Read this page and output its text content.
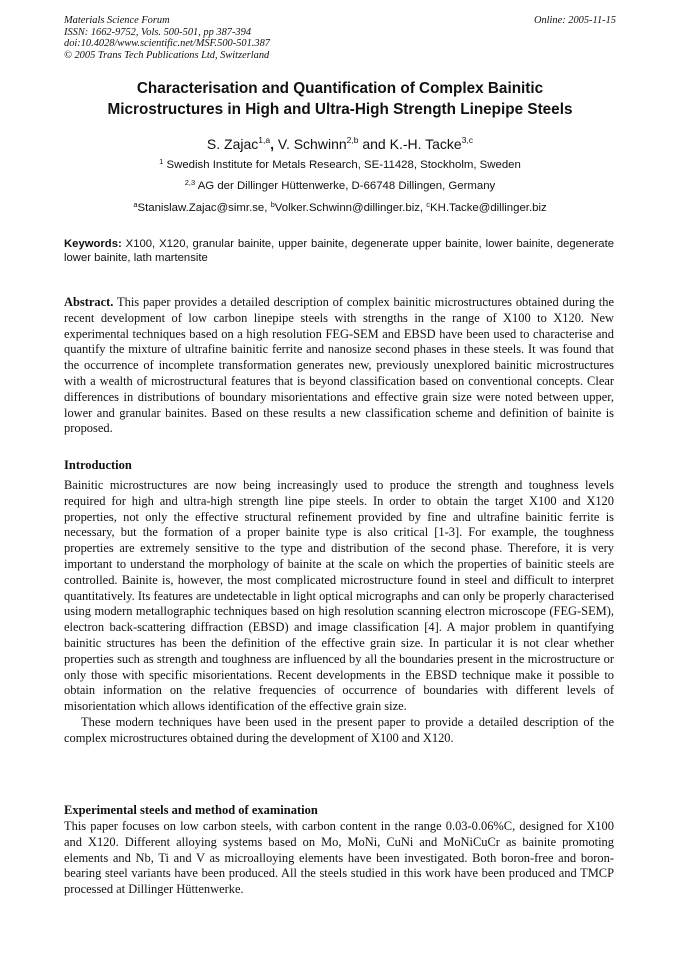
Materials Science Forum
ISSN: 1662-9752, Vols. 500-501, pp 387-394
doi:10.4028/www.scientific.net/MSF.500-501.387
© 2005 Trans Tech Publications Ltd, Switzerland
Online: 2005-11-15
Characterisation and Quantification of Complex Bainitic
Microstructures in High and Ultra-High Strength Linepipe Steels
S. Zajac$^{1,a}$, V. Schwinn$^{2,b}$ and K.-H. Tacke$^{3,c}$
$^1$ Swedish Institute for Metals Research, SE-11428, Stockholm, Sweden
$^{2,3}$ AG der Dillinger Hüttenwerke, D-66748 Dillingen, Germany
$^a$Stanislaw.Zajac@simr.se, $^b$Volker.Schwinn@dillinger.biz, $^c$KH.Tacke@dillinger.biz
Keywords: X100, X120, granular bainite, upper bainite, degenerate upper bainite, lower bainite, degenerate lower bainite, lath martensite

Abstract. This paper provides a detailed description of complex bainitic microstructures obtained during the recent development of low carbon linepipe steels with strengths in the range of X100 to X120. New experimental techniques based on a high resolution FEG-SEM and EBSD have been used to characterise and quantify the mixture of ultrafine bainitic ferrite and nanosize second phases in these steels. It was found that the occurrence of incomplete transformation generates new, previously unexplored bainitic microstructures with a wealth of microstructural features that is beyond classification based on conventional concepts. Clear differences in distributions of boundary misorientations and effective grain size were noted between upper, lower and granular bainites. Based on these results a new classification scheme and definition of bainite is proposed.

Introduction

Bainitic microstructures are now being increasingly used to produce the strength and toughness levels required for high and ultra-high strength line pipe steels. In order to obtain the target X100 and X120 properties, not only the effective structural refinement provided by fine and ultrafine bainitic ferrite is necessary, but the formation of a proper bainite type is also critical [1-3]. For example, the toughness properties are extremely sensitive to the type and distribution of the second phase. Therefore, it is very important to understand the morphology of bainite at the scale on which the properties of bainitic steels are controlled. Bainite is, however, the most complicated microstructure found in steel and difficult to interpret quantitatively. Its features are undetectable in light optical micrographs and can only be properly characterised using modern metallographic techniques based on high resolution scanning electron microscope (FEG-SEM), electron back-scattering diffraction (EBSD) and image classification [4]. A major problem in quantifying bainitic structures has been the definition of the effective grain size. In particular it is not clear whether properties such as strength and toughness are influenced by all the boundaries present in the microstructure or only those with specific misorientations. Recent developments in the EBSD technique make it possible to obtain information on the relative frequencies of occurrence of boundaries with different levels of misorientation which allows identification of the effective grain size.

These modern techniques have been used in the present paper to provide a detailed description of the complex microstructures obtained during the development of X100 and X120.

Experimental steels and method of examination

This paper focuses on low carbon steels, with carbon content in the range 0.03-0.06%C, designed for X100 and X120. Different alloying systems based on Mo, MoNi, CuNi and MoNiCuCr as bainite promoting elements and Nb, Ti and V as microalloying elements have been investigated. Both boron-free and boron-bearing steel variants have been produced. All the steels studied in this work have been produced and TMCP processed at Dillinger Hüttenwerke.
